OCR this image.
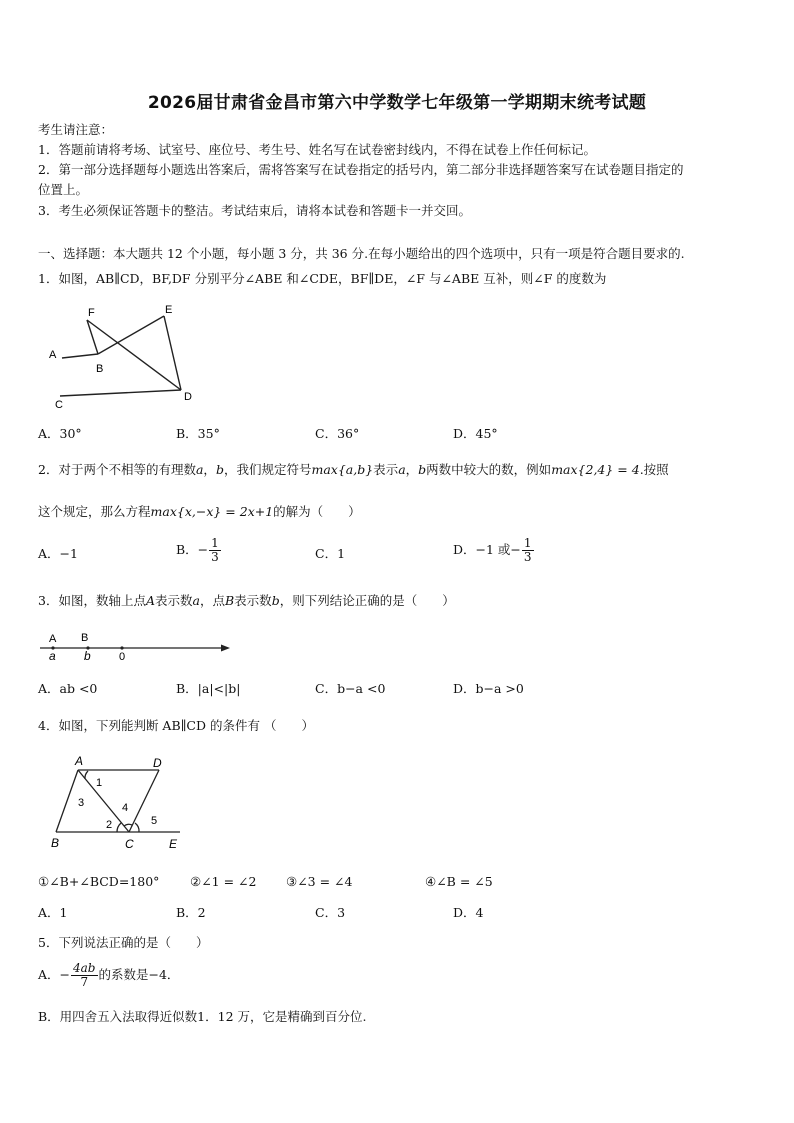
2026届甘肃省金昌市第六中学数学七年级第一学期期末统考试题
考生请注意：
1．答题前请将考场、试室号、座位号、考生号、姓名写在试卷密封线内，不得在试卷上作任何标记。
2．第一部分选择题每小题选出答案后，需将答案写在试卷指定的括号内，第二部分非选择题答案写在试卷题目指定的
位置上。
3．考生必须保证答题卡的整洁。考试结束后，请将本试卷和答题卡一并交回。
一、选择题：本大题共 12 个小题，每小题 3 分，共 36 分.在每小题给出的四个选项中，只有一项是符合题目要求的.
1．如图，AB∥CD，BF,DF 分别平分∠ABE 和∠CDE，BF∥DE，∠F 与∠ABE 互补，则∠F 的度数为
F	E
A
B
C
D
A．30°	B．35°	C．36°	D．45°
2．对于两个不相等的有理数a，b，我们规定符号max{a,b}表示a，b两数中较大的数，例如max{2,4} = 4.按照
这个规定，那么方程max{x,−x} = 2x+1的解为（　　）
A．−1	B．− $\frac{1}{3}$	C．1	D．−1 或− $\frac{1}{3}$
3．如图，数轴上点A表示数a，点B表示数b，则下列结论正确的是（　　）
A B
a b	0
A．ab <0	B．|a|<|b|	C．b−a <0	D．b−a >0
4．如图，下列能判断 AB∥CD 的条件有 （　　）
A	D
B	C	E
1
3	4
2	5
①∠B+∠BCD=180° ②∠1 = ∠2 ③∠3 = ∠4	④∠B = ∠5
A．1	B．2	C．3	D．4
5．下列说法正确的是（　　）
A．− $\frac{4ab}{7}$ 的系数是−4．
B．用四舍五入法取得近似数1．12 万，它是精确到百分位.
